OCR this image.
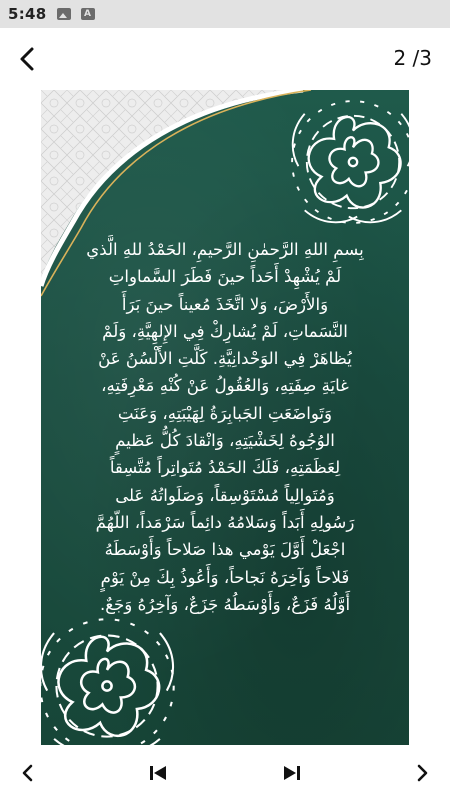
5:48	A
2 /3
بِسمِ اللهِ الرَّحمٰنِ الرَّحيمِ، الحَمْدُ للهِ الَّذي
لَمْ يُشْهِدْ أَحَداً حينَ فَطَرَ السَّماواتِ
وَالأَرْضَ، وَلا اتَّخَذَ مُعيناً حينَ بَرَأَ
النَّسَماتِ، لَمْ يُشارِكْ فِي الإِلهِيَّةِ، وَلَمْ
يُظاهَرْ فِي الوَحْدانِيَّةِ. كَلَّتِ الأَلْسُنُ عَنْ
غايَةِ صِفَتِهِ، وَالعُقُولُ عَنْ كُنْهِ مَعْرِفَتِهِ،
وَتَواضَعَتِ الجَبابِرَةُ لِهَيْبَتِهِ، وَعَنَتِ
الوُجُوهُ لِخَشْيَتِهِ، وَانْقادَ كُلُّ عَظيمٍ
لِعَظَمَتِهِ، فَلَكَ الحَمْدُ مُتَواتِراً مُتَّسِقاً
وَمُتَوالِياً مُسْتَوْسِقاً، وَصَلَواتُهُ عَلى
رَسُولِهِ أَبَداً وَسَلامُهُ دائِماً سَرْمَداً، اللّهُمَّ
اجْعَلْ أَوَّلَ يَوْمي هذا صَلاحاً وَأَوْسَطَهُ
فَلاحاً وَآخِرَهُ نَجاحاً، وَأَعُوذُ بِكَ مِنْ يَوْمٍ
أَوَّلُهُ فَزَعٌ، وَأَوْسَطُهُ جَزَعٌ، وَآخِرُهُ وَجَعٌ.
